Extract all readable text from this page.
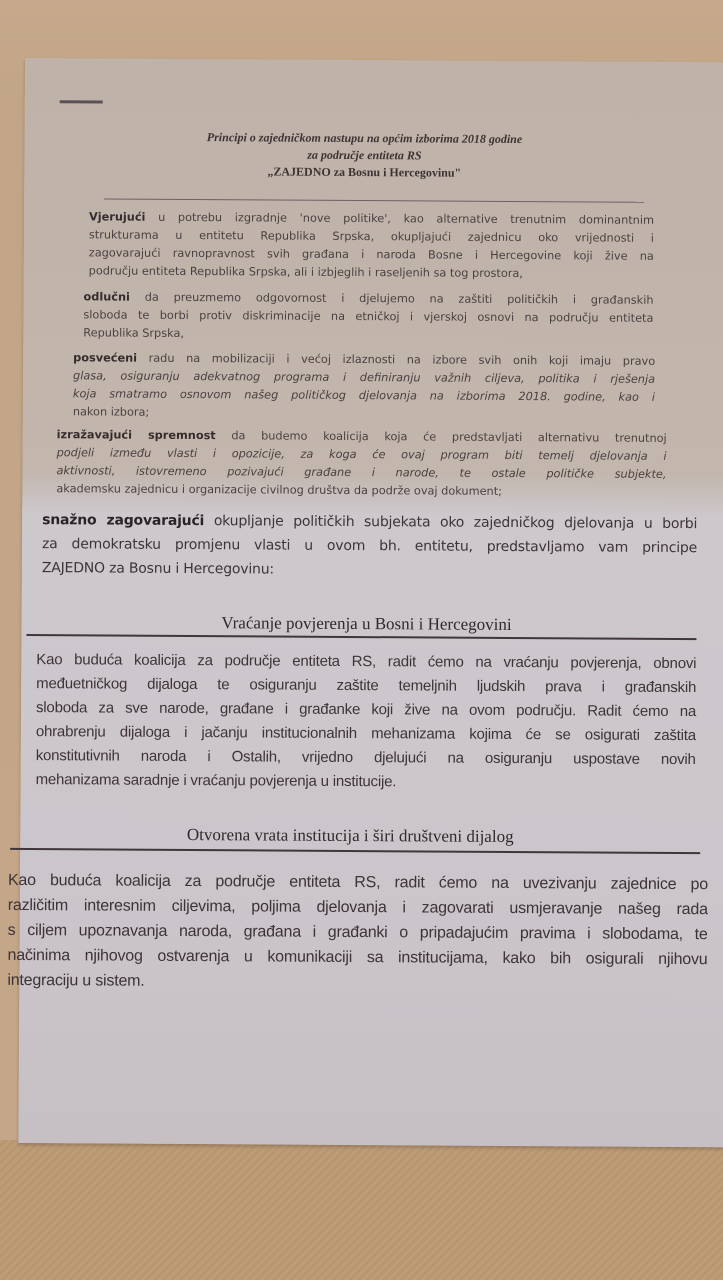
Principi o zajedničkom nastupu na općim izborima 2018 godine
za područje entiteta RS
„ZAJEDNO za Bosnu i Hercegovinu"
Vjerujući u potrebu izgradnje 'nove politike', kao alternative trenutnim dominantnim
strukturama u entitetu Republika Srpska, okupljajući zajednicu oko vrijednosti i
zagovarajući ravnopravnost svih građana i naroda Bosne i Hercegovine koji žive na
području entiteta Republika Srpska, ali i izbjeglih i raseljenih sa tog prostora,
odlučni da preuzmemo odgovornost i djelujemo na zaštiti političkih i građanskih
sloboda te borbi protiv diskriminacije na etničkoj i vjerskoj osnovi na području entiteta
Republika Srpska,
posvećeni radu na mobilizaciji i većoj izlaznosti na izbore svih onih koji imaju pravo
glasa, osiguranju adekvatnog programa i definiranju važnih ciljeva, politika i rješenja
koja smatramo osnovom našeg političkog djelovanja na izborima 2018. godine, kao i
nakon izbora;
izražavajući spremnost da budemo koalicija koja će predstavljati alternativu trenutnoj
podjeli između vlasti i opozicije, za koga će ovaj program biti temelj djelovanja i
aktivnosti, istovremeno pozivajući građane i narode, te ostale političke subjekte,
akademsku zajednicu i organizacije civilnog društva da podrže ovaj dokument;
snažno zagovarajući okupljanje političkih subjekata oko zajedničkog djelovanja u borbi
za demokratsku promjenu vlasti u ovom bh. entitetu, predstavljamo vam principe
ZAJEDNO za Bosnu i Hercegovinu:
Vraćanje povjerenja u Bosni i Hercegovini
Kao buduća koalicija za područje entiteta RS, radit ćemo na vraćanju povjerenja, obnovi
međuetničkog dijaloga te osiguranju zaštite temeljnih ljudskih prava i građanskih
sloboda za sve narode, građane i građanke koji žive na ovom području. Radit ćemo na
ohrabrenju dijaloga i jačanju institucionalnih mehanizama kojima će se osigurati zaštita
konstitutivnih naroda i Ostalih, vrijedno djelujući na osiguranju uspostave novih
mehanizama saradnje i vraćanju povjerenja u institucije.
Otvorena vrata institucija i širi društveni dijalog
Kao buduća koalicija za područje entiteta RS, radit ćemo na uvezivanju zajednice po
različitim interesnim ciljevima, poljima djelovanja i zagovarati usmjeravanje našeg rada
s ciljem upoznavanja naroda, građana i građanki o pripadajućim pravima i slobodama, te
načinima njihovog ostvarenja u komunikaciji sa institucijama, kako bih osigurali njihovu
integraciju u sistem.
